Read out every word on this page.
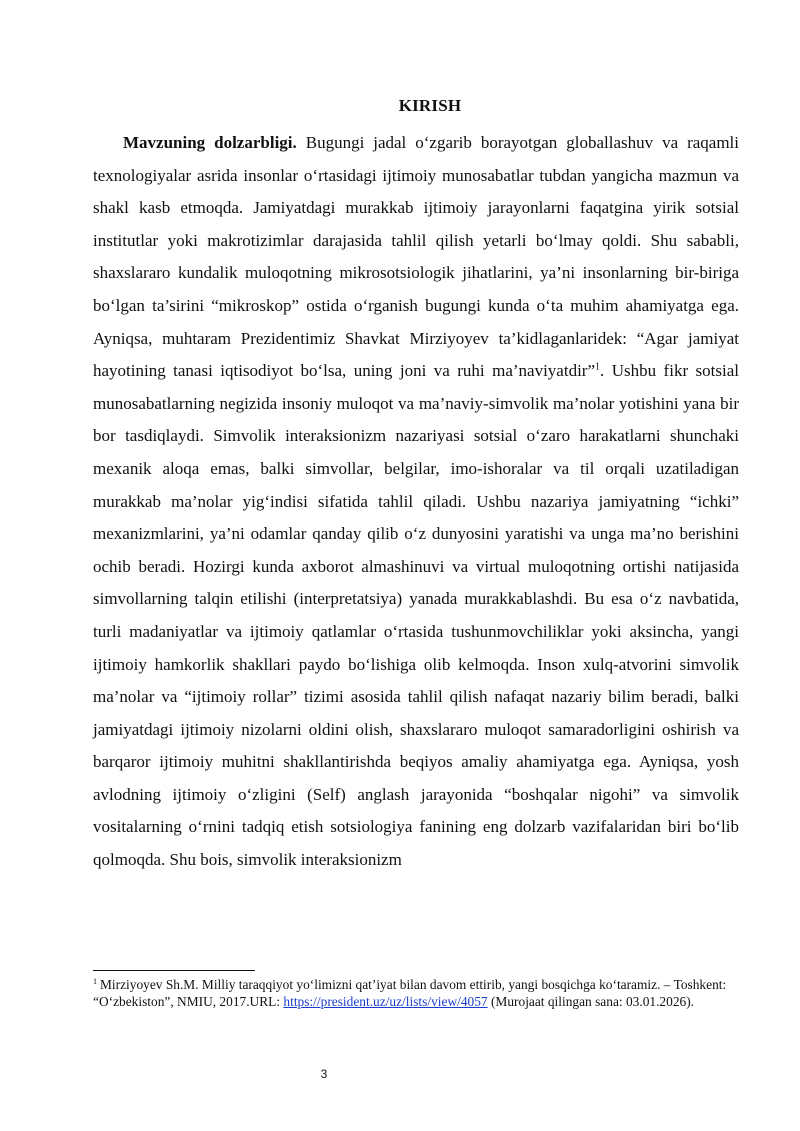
KIRISH
Mavzuning dolzarbligi. Bugungi jadal o‘zgarib borayotgan globallashuv va raqamli texnologiyalar asrida insonlar o‘rtasidagi ijtimoiy munosabatlar tubdan yangicha mazmun va shakl kasb etmoqda. Jamiyatdagi murakkab ijtimoiy jarayonlarni faqatgina yirik sotsial institutlar yoki makrotizimlar darajasida tahlil qilish yetarli bo‘lmay qoldi. Shu sababli, shaxslararo kundalik muloqotning mikrosotsiologik jihatlarini, ya’ni insonlarning bir-biriga bo‘lgan ta’sirini “mikroskop” ostida o‘rganish bugungi kunda o‘ta muhim ahamiyatga ega. Ayniqsa, muhtaram Prezidentimiz Shavkat Mirziyoyev ta’kidlaganlaridek: “Agar jamiyat hayotining tanasi iqtisodiyot bo‘lsa, uning joni va ruhi ma’naviyatdir”$^1$. Ushbu fikr sotsial munosabatlarning negizida insoniy muloqot va ma’naviy-simvolik ma’nolar yotishini yana bir bor tasdiqlaydi. Simvolik interaksionizm nazariyasi sotsial o‘zaro harakatlarni shunchaki mexanik aloqa emas, balki simvollar, belgilar, imo-ishoralar va til orqali uzatiladigan murakkab ma’nolar yig‘indisi sifatida tahlil qiladi. Ushbu nazariya jamiyatning “ichki” mexanizmlarini, ya’ni odamlar qanday qilib o‘z dunyosini yaratishi va unga ma’no berishini ochib beradi. Hozirgi kunda axborot almashinuvi va virtual muloqotning ortishi natijasida simvollarning talqin etilishi (interpretatsiya) yanada murakkablashdi. Bu esa o‘z navbatida, turli madaniyatlar va ijtimoiy qatlamlar o‘rtasida tushunmovchiliklar yoki aksincha, yangi ijtimoiy hamkorlik shakllari paydo bo‘lishiga olib kelmoqda. Inson xulq-atvorini simvolik ma’nolar va “ijtimoiy rollar” tizimi asosida tahlil qilish nafaqat nazariy bilim beradi, balki jamiyatdagi ijtimoiy nizolarni oldini olish, shaxslararo muloqot samaradorligini oshirish va barqaror ijtimoiy muhitni shakllantirishda beqiyos amaliy ahamiyatga ega. Ayniqsa, yosh avlodning ijtimoiy o‘zligini (Self) anglash jarayonida “boshqalar nigohi” va simvolik vositalarning o‘rnini tadqiq etish sotsiologiya fanining eng dolzarb vazifalaridan biri bo‘lib qolmoqda. Shu bois, simvolik interaksionizm
$^1$ Mirziyoyev Sh.M. Milliy taraqqiyot yo‘limizni qat’iyat bilan davom ettirib, yangi bosqichga ko‘taramiz. – Toshkent: “O‘zbekiston”, NMIU, 2017.URL: https://president.uz/uz/lists/view/4057 (Murojaat qilingan sana: 03.01.2026).
3
